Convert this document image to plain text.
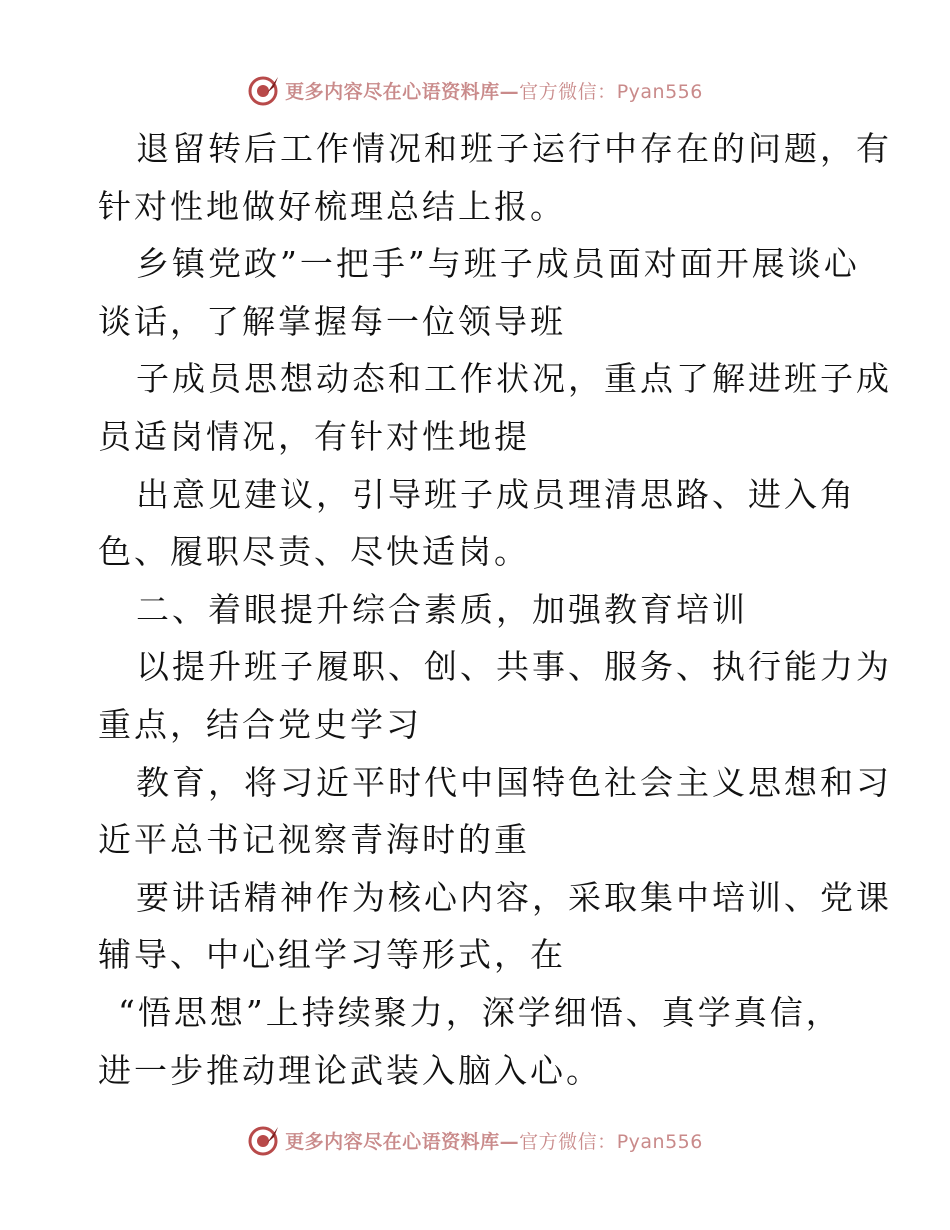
更多内容尽在心语资料库—官方微信：Pyan556
退留转后工作情况和班子运行中存在的问题，有
针对性地做好梳理总结上报。
乡镇党政”一把手”与班子成员面对面开展谈心
谈话，了解掌握每一位领导班
子成员思想动态和工作状况，重点了解进班子成
员适岗情况，有针对性地提
出意见建议，引导班子成员理清思路、进入角
色、履职尽责、尽快适岗。
二、着眼提升综合素质，加强教育培训
以提升班子履职、创、共事、服务、执行能力为
重点，结合党史学习
教育，将习近平时代中国特色社会主义思想和习
近平总书记视察青海时的重
要讲话精神作为核心内容，采取集中培训、党课
辅导、中心组学习等形式，在
“悟思想”上持续聚力，深学细悟、真学真信，
进一步推动理论武装入脑入心。
更多内容尽在心语资料库—官方微信：Pyan556
